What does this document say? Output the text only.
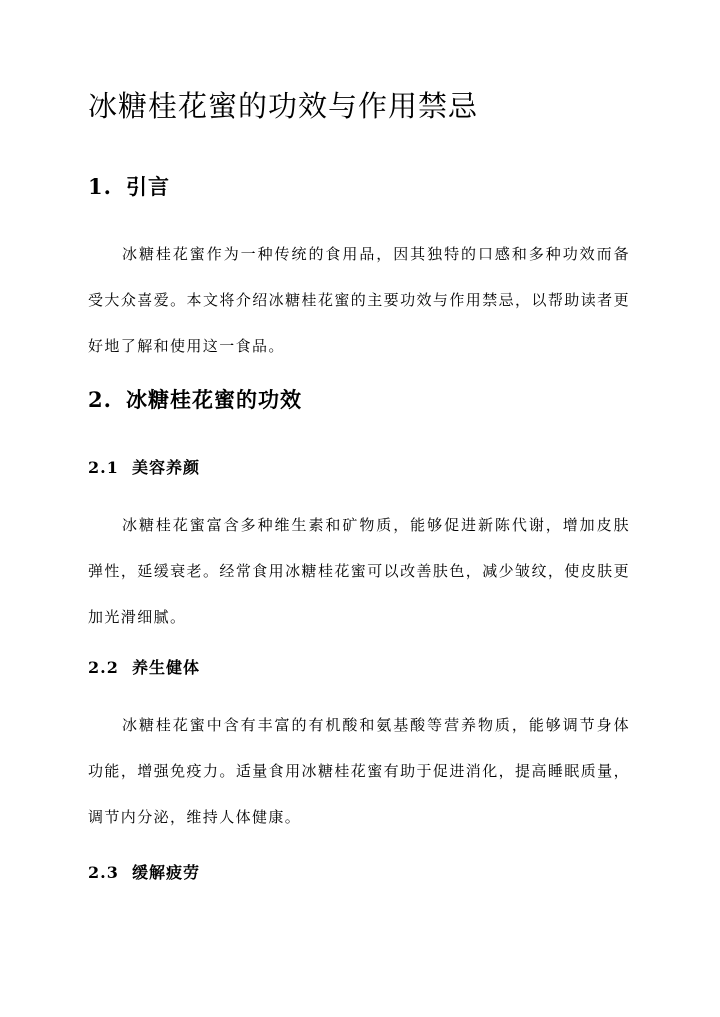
冰糖桂花蜜的功效与作用禁忌
1. 引言

冰糖桂花蜜作为一种传统的食用品，因其独特的口感和多种功效而备受大众喜爱。本文将介绍冰糖桂花蜜的主要功效与作用禁忌，以帮助读者更好地了解和使用这一食品。

2. 冰糖桂花蜜的功效
2.1 美容养颜

冰糖桂花蜜富含多种维生素和矿物质，能够促进新陈代谢，增加皮肤弹性，延缓衰老。经常食用冰糖桂花蜜可以改善肤色，减少皱纹，使皮肤更加光滑细腻。

2.2 养生健体

冰糖桂花蜜中含有丰富的有机酸和氨基酸等营养物质，能够调节身体功能，增强免疫力。适量食用冰糖桂花蜜有助于促进消化，提高睡眠质量，调节内分泌，维持人体健康。

2.3 缓解疲劳
